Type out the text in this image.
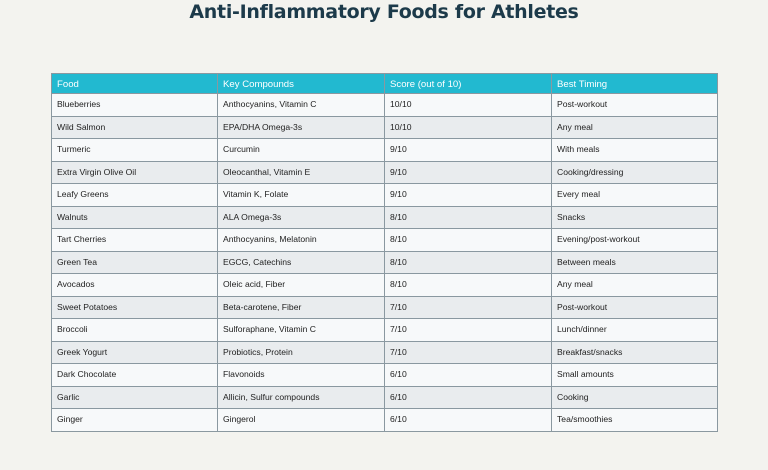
Anti-Inflammatory Foods for Athletes
Food	Key Compounds	Score (out of 10)	Best Timing
Blueberries	Anthocyanins, Vitamin C	10/10	Post-workout
Wild Salmon	EPA/DHA Omega-3s	10/10	Any meal
Turmeric	Curcumin	9/10	With meals
Extra Virgin Olive Oil	Oleocanthal, Vitamin E	9/10	Cooking/dressing
Leafy Greens	Vitamin K, Folate	9/10	Every meal
Walnuts	ALA Omega-3s	8/10	Snacks
Tart Cherries	Anthocyanins, Melatonin	8/10	Evening/post-workout
Green Tea	EGCG, Catechins	8/10	Between meals
Avocados	Oleic acid, Fiber	8/10	Any meal
Sweet Potatoes	Beta-carotene, Fiber	7/10	Post-workout
Broccoli	Sulforaphane, Vitamin C	7/10	Lunch/dinner
Greek Yogurt	Probiotics, Protein	7/10	Breakfast/snacks
Dark Chocolate	Flavonoids	6/10	Small amounts
Garlic	Allicin, Sulfur compounds	6/10	Cooking
Ginger	Gingerol	6/10	Tea/smoothies
